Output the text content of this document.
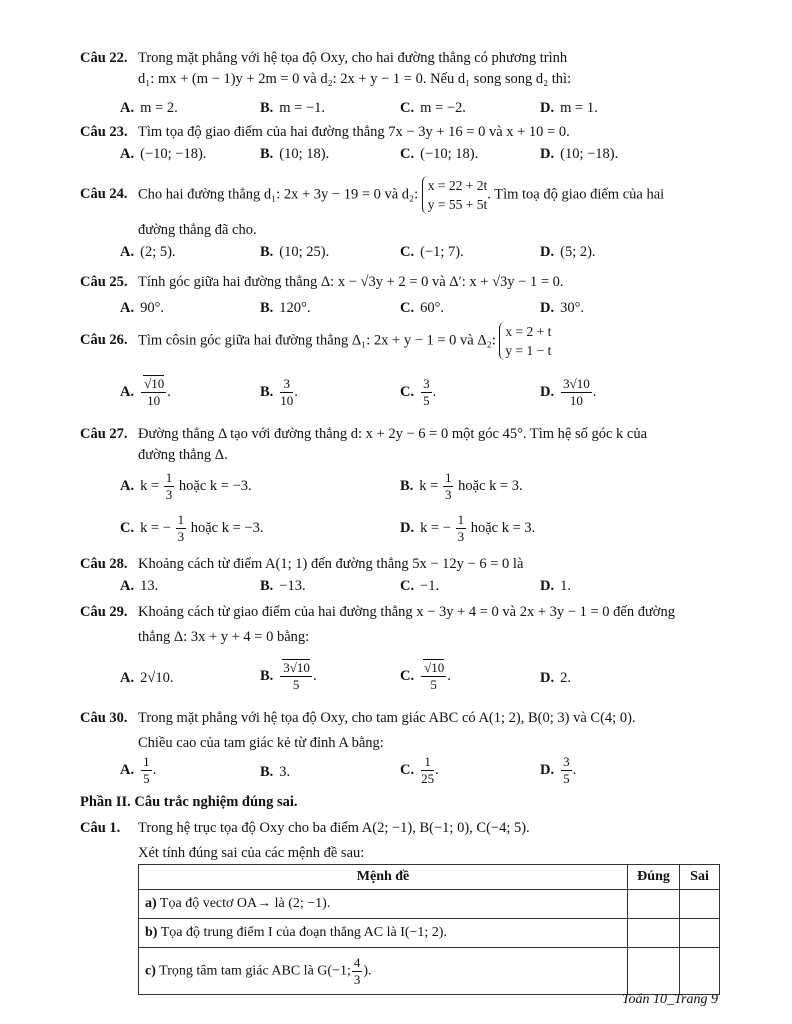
Câu 22. Trong mặt phẳng với hệ tọa độ Oxy, cho hai đường thẳng có phương trình
d₁: mx + (m − 1)y + 2m = 0 và d₂: 2x + y − 1 = 0. Nếu d₁ song song d₂ thì:
A. m = 2.	B. m = −1.	C. m = −2.	D. m = 1.
Câu 23. Tìm tọa độ giao điểm của hai đường thẳng 7x − 3y + 16 = 0 và x + 10 = 0.
A. (−10; −18).	B. (10; 18).	C. (−10; 18).	D. (10; −18).
Câu 24. Cho hai đường thẳng d₁: 2x + 3y − 19 = 0 và d₂:
x = 22 + 2t
y = 55 + 5t
. Tìm toạ độ giao điểm của hai
đường thẳng đã cho.
A. (2; 5).	B. (10; 25).	C. (−1; 7).	D. (5; 2).
Câu 25. Tính góc giữa hai đường thẳng Δ: x − √3y + 2 = 0 và Δ′: x + √3y − 1 = 0.
A. 90°.	B. 120°.	C. 60°.	D. 30°.
Câu 26. Tìm côsin góc giữa hai đường thẳng Δ₁: 2x + y − 1 = 0 và Δ₂:
x = 2 + t
y = 1 − t
A. $\frac{√10}{10}$ .	B. $\frac{3}{10}$ .	C. $\frac{3}{5}$ .	D. $\frac{3√10}{10}$ .
Câu 27. Đường thẳng Δ tạo với đường thẳng d: x + 2y − 6 = 0 một góc 45°. Tìm hệ số góc k của
đường thẳng Δ.
A. $k = \frac{1}{3}$ hoặc k = −3.	B. $k = \frac{1}{3}$ hoặc k = 3.
C. k = − $\frac{1}{3}$ hoặc k = −3.	D. k = − $\frac{1}{3}$ hoặc k = 3.
Câu 28. Khoảng cách từ điểm A(1; 1) đến đường thẳng 5x − 12y − 6 = 0 là
A. 13.	B. −13.	C. −1.	D. 1.
Câu 29. Khoảng cách từ giao điểm của hai đường thẳng x − 3y + 4 = 0 và 2x + 3y − 1 = 0 đến đường
thẳng Δ: 3x + y + 4 = 0 bằng:
A. 2√10.	B. $\frac{3√10}{5}$ .	C. $\frac{√10}{5}$ .	D. 2.
Câu 30. Trong mặt phẳng với hệ tọa độ Oxy, cho tam giác ABC có A(1; 2), B(0; 3) và C(4; 0).
Chiều cao của tam giác kẻ từ đỉnh A bằng:
A. $\frac{1}{5}$ .	B. 3.	C. $\frac{1}{25}$ .	D. $\frac{3}{5}$ .
Phần II. Câu trắc nghiệm đúng sai.
Câu 1. Trong hệ trục tọa độ Oxy cho ba điểm A(2; −1), B(−1; 0), C(−4; 5).
Xét tính đúng sai của các mệnh đề sau:
Mệnh đề	Đúng	Sai
a) Tọa độ vectơ OA→ là (2; −1).		
b) Tọa độ trung điểm I của đoạn thẳng AC là I(−1; 2).		
c) Trọng tâm tam giác ABC là G(−1; $\frac{4}{3}$ ).		
Toán 10_Trang 9
